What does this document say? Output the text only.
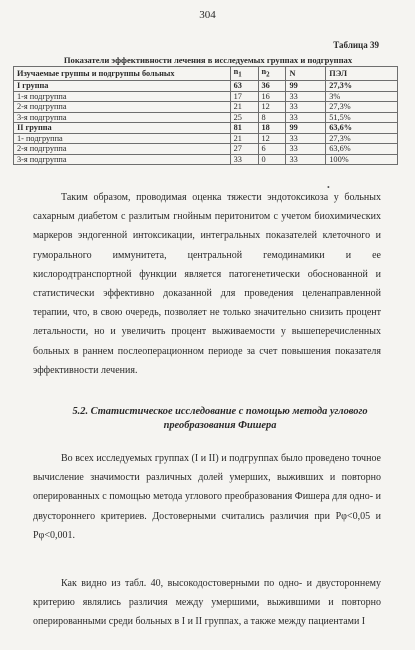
304
Таблица 39
Показатели эффективности лечения в исследуемых группах и подгруппах
Изучаемые группы и подгруппы больных	$n_1$	$n_2$	N	ПЭЛ
I группа	63	36	99	27,3%
1-я подгруппа	17	16	33	3%
2-я подгруппа	21	12	33	27,3%
3-я подгруппа	25	8	33	51,5%
II группа	81	18	99	63,6%
1- подгруппа	21	12	33	27,3%
2-я подгруппа	27	6	33	63,6%
3-я подгруппа	33	0	33	100%
•

Таким образом, проводимая оценка тяжести эндотоксикоза у больных сахарным диабетом с разлитым гнойным перитонитом с учетом биохимических маркеров эндогенной интоксикации, интегральных показателей клеточного и гуморального иммунитета, центральной гемодинамики и ее кислородтранспортной функции является патогенетически обоснованной и статистически эффективно доказанной для проведения целенаправленной терапии, что, в свою очередь, позволяет не только значительно снизить процент летальности, но и увеличить процент выживаемости у вышеперечисленных больных в раннем послеоперационном периоде за счет повышения показателя эффективности лечения.

5.2. Статистическое исследование с помощью метода углового преобразования Фишера

Во всех исследуемых группах (I и II) и подгруппах было проведено точное вычисление значимости различных долей умерших, выживших и повторно оперированных с помощью метода углового преобразования Фишера для одно- и двустороннего критериев. Достоверными считались различия при Рφ<0,05 и Рφ<0,001.

Как видно из табл. 40, высокодостоверными по одно- и двустороннему критерию являлись различия между умершими, выжившими и повторно оперированными среди больных в I и II группах, а также между пациентами I
